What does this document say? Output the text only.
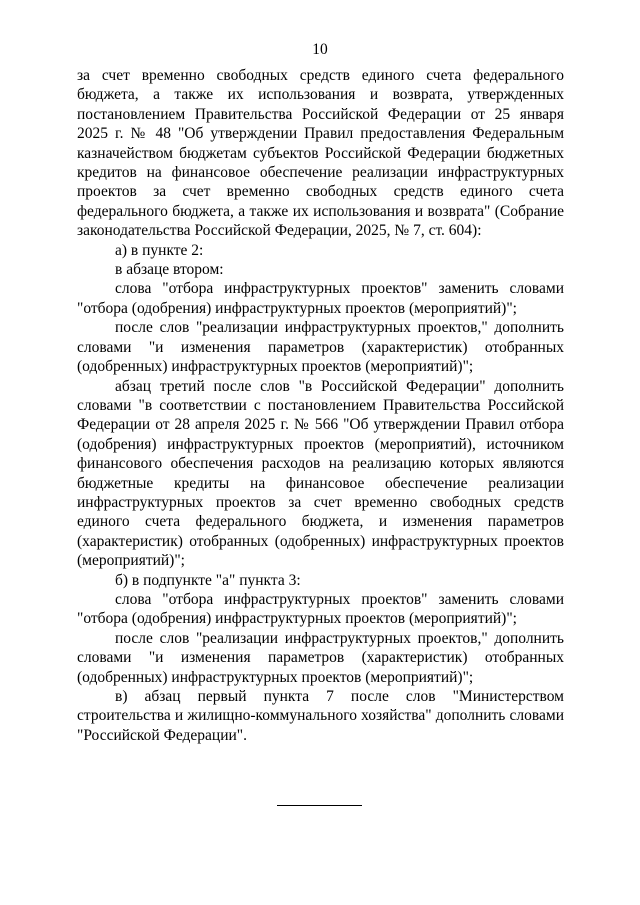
10

за счет временно свободных средств единого счета федерального бюджета, а также их использования и возврата, утвержденных постановлением Правительства Российской Федерации от 25 января 2025 г. № 48 "Об утверждении Правил предоставления Федеральным казначейством бюджетам субъектов Российской Федерации бюджетных кредитов на финансовое обеспечение реализации инфраструктурных проектов за счет временно свободных средств единого счета федерального бюджета, а также их использования и возврата" (Собрание законодательства Российской Федерации, 2025, № 7, ст. 604):

а) в пункте 2:

в абзаце втором:

слова "отбора инфраструктурных проектов" заменить словами "отбора (одобрения) инфраструктурных проектов (мероприятий)";

после слов "реализации инфраструктурных проектов," дополнить словами "и изменения параметров (характеристик) отобранных (одобренных) инфраструктурных проектов (мероприятий)";

абзац третий после слов "в Российской Федерации" дополнить словами "в соответствии с постановлением Правительства Российской Федерации от 28 апреля 2025 г. № 566 "Об утверждении Правил отбора (одобрения) инфраструктурных проектов (мероприятий), источником финансового обеспечения расходов на реализацию которых являются бюджетные кредиты на финансовое обеспечение реализации инфраструктурных проектов за счет временно свободных средств единого счета федерального бюджета, и изменения параметров (характеристик) отобранных (одобренных) инфраструктурных проектов (мероприятий)";

б) в подпункте "а" пункта 3:

слова "отбора инфраструктурных проектов" заменить словами "отбора (одобрения) инфраструктурных проектов (мероприятий)";

после слов "реализации инфраструктурных проектов," дополнить словами "и изменения параметров (характеристик) отобранных (одобренных) инфраструктурных проектов (мероприятий)";

в) абзац первый пункта 7 после слов "Министерством строительства и жилищно-коммунального хозяйства" дополнить словами "Российской Федерации".
